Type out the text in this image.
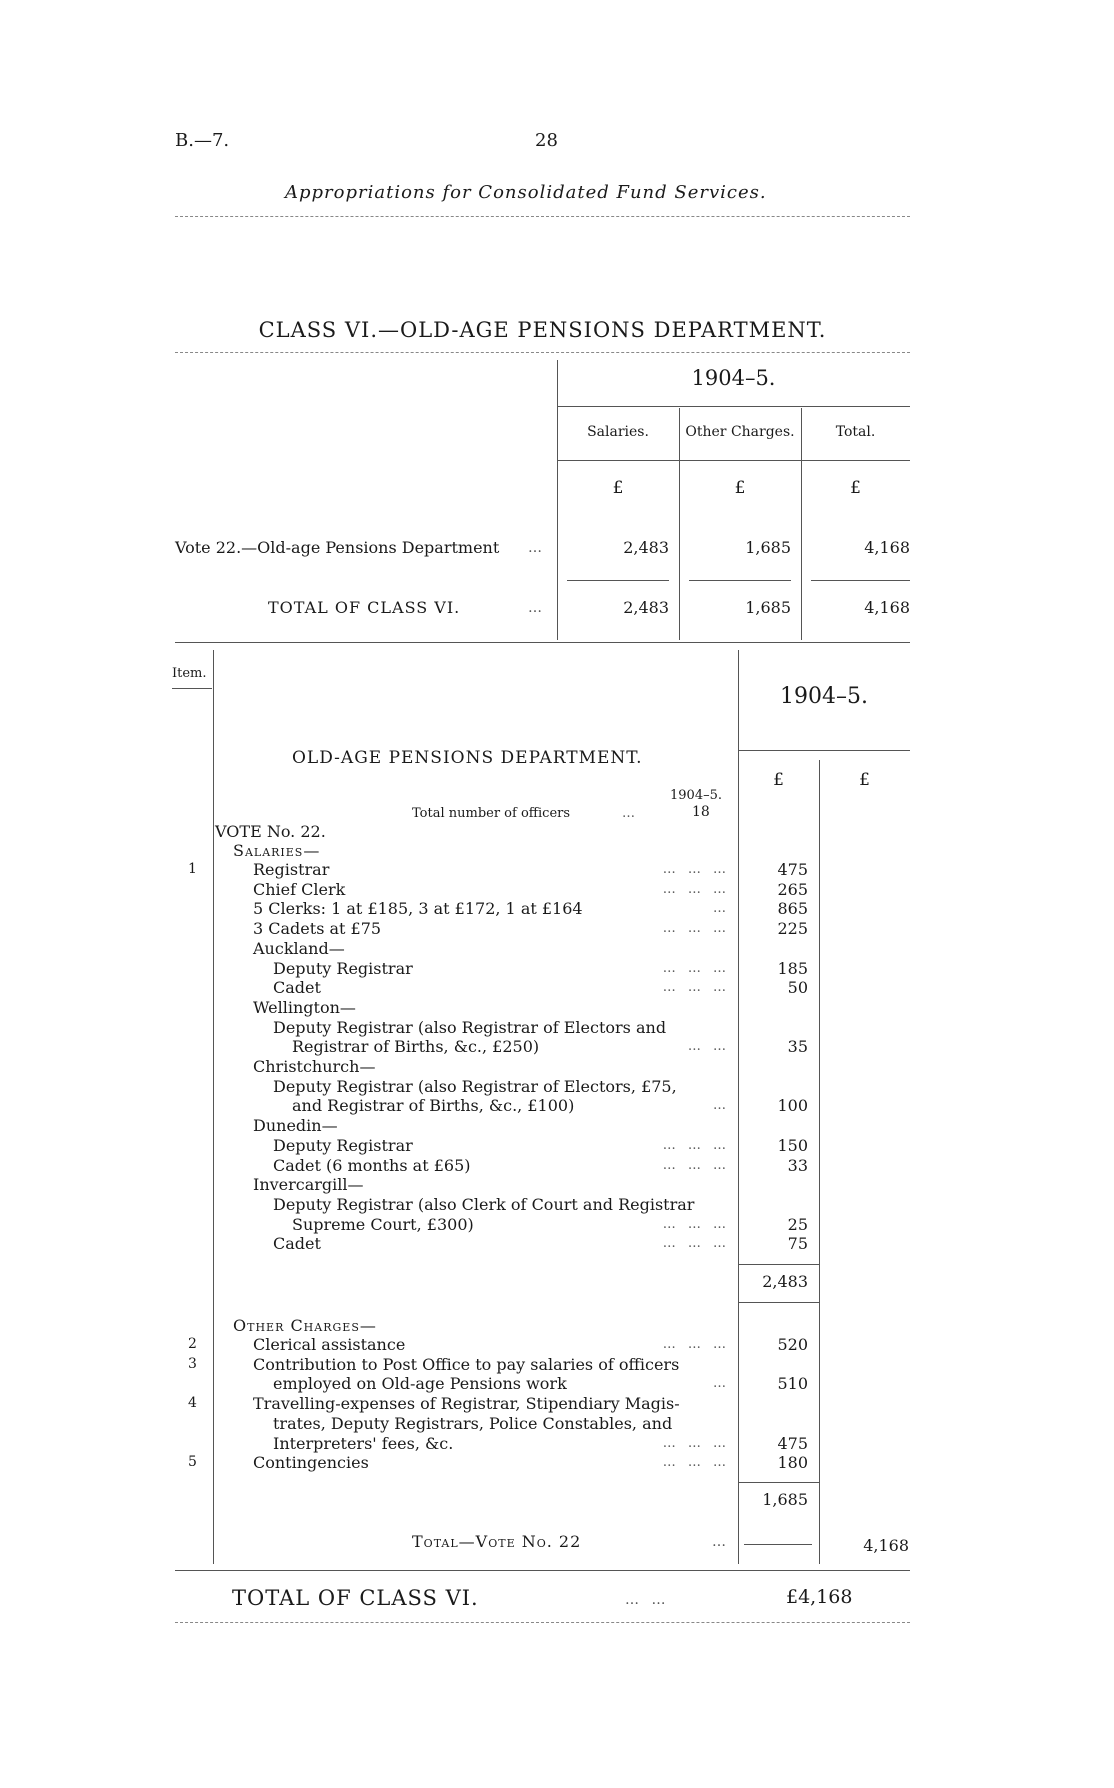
B.—7.	28
Appropriations for Consolidated Fund Services.
CLASS VI.—OLD-AGE PENSIONS DEPARTMENT.
1904–5.
Salaries.	Other Charges.	Total.
£	£	£
Vote 22.—Old-age Pensions Department …	2,483	1,685	4,168
TOTAL OF CLASS VI.	…	2,483	1,685	4,168
Item.
1904–5.
£	£
OLD-AGE PENSIONS DEPARTMENT.
1904–5.
Total number of officers	…	18
VOTE No. 22.
Salaries—
1	Registrar	… … …	475
Chief Clerk	… … …	265
5 Clerks: 1 at £185, 3 at £172, 1 at £164	…	865
3 Cadets at £75	… … …	225
Auckland—
Deputy Registrar	… … …	185
Cadet	… … …	50
Wellington—
Deputy Registrar (also Registrar of Electors and
Registrar of Births, &c., £250)	… …	35
Christchurch—
Deputy Registrar (also Registrar of Electors, £75,
and Registrar of Births, &c., £100)	…	100
Dunedin—
Deputy Registrar	… … …	150
Cadet (6 months at £65)	… … …	33
Invercargill—
Deputy Registrar (also Clerk of Court and Registrar
Supreme Court, £300)	… … …	25
Cadet	… … …	75
2,483
Other Charges—
2	Clerical assistance	… … …	520
3	Contribution to Post Office to pay salaries of officers
employed on Old-age Pensions work	…	510
4	Travelling-expenses of Registrar, Stipendiary Magis-
trates, Deputy Registrars, Police Constables, and
Interpreters' fees, &c.	… … …	475
5	Contingencies	… … …	180
1,685
Total—Vote No. 22	…	4,168
TOTAL OF CLASS VI.	… …	£4,168
